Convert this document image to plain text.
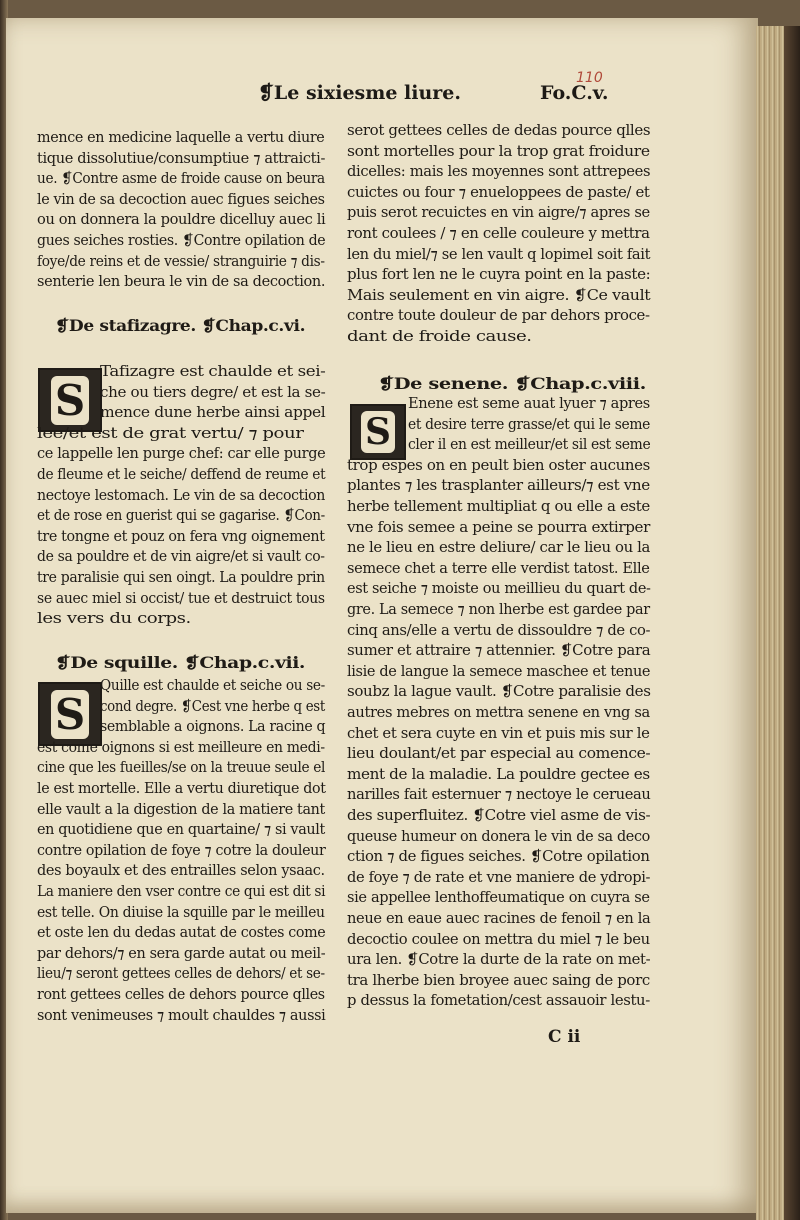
❡Le sixiesme liure.	Fo.C.v.
110
mence en medicine laquelle a vertu diure
tique dissolutiue/consumptiue ⁊ attraicti-
ue. ❡Contre asme de froide cause on beura
le vin de sa decoction auec figues seiches
ou on donnera la pouldre dicelluy auec li
gues seiches rosties. ❡Contre opilation de
foye/de reins et de vessie/ stranguirie ⁊ dis-
senterie len beura le vin de sa decoction.
❡De stafizagre. ❡Chap.c.vi.
S
Tafizagre est chaulde et sei-
che ou tiers degre/ et est la se-
mence dune herbe ainsi appel
lee/et est de grat vertu/ ⁊ pour
ce lappelle len purge chef: car elle purge
de fleume et le seiche/ deffend de reume et
nectoye lestomach. Le vin de sa decoction
et de rose en guerist qui se gagarise. ❡Con-
tre tongne et pouz on fera vng oignement
de sa pouldre et de vin aigre/et si vault co-
tre paralisie qui sen oingt. La pouldre prin
se auec miel si occist/ tue et destruict tous
les vers du corps.
❡De squille. ❡Chap.c.vii.
S
Quille est chaulde et seiche ou se-
cond degre. ❡Cest vne herbe q est
semblable a oignons. La racine q
est come oignons si est meilleure en medi-
cine que les fueilles/se on la treuue seule el
le est mortelle. Elle a vertu diuretique dot
elle vault a la digestion de la matiere tant
en quotidiene que en quartaine/ ⁊ si vault
contre opilation de foye ⁊ cotre la douleur
des boyaulx et des entrailles selon ysaac.
La maniere den vser contre ce qui est dit si
est telle. On diuise la squille par le meilleu
et oste len du dedas autat de costes come
par dehors/⁊ en sera garde autat ou meil-
lieu/⁊ seront gettees celles de dehors/ et se-
ront gettees celles de dehors pource qlles
sont venimeuses ⁊ moult chauldes ⁊ aussi
serot gettees celles de dedas pource qlles
sont mortelles pour la trop grat froidure
dicelles: mais les moyennes sont attrepees
cuictes ou four ⁊ enueloppees de paste/ et
puis serot recuictes en vin aigre/⁊ apres se
ront coulees / ⁊ en celle couleure y mettra
len du miel/⁊ se len vault q lopimel soit fait
plus fort len ne le cuyra point en la paste:
Mais seulement en vin aigre. ❡Ce vault
contre toute douleur de par dehors proce-
dant de froide cause.
❡De senene. ❡Chap.c.viii.
S
Enene est seme auat lyuer ⁊ apres
et desire terre grasse/et qui le seme
cler il en est meilleur/et sil est seme
trop espes on en peult bien oster aucunes
plantes ⁊ les trasplanter ailleurs/⁊ est vne
herbe tellement multipliat q ou elle a este
vne fois semee a peine se pourra extirper
ne le lieu en estre deliure/ car le lieu ou la
semece chet a terre elle verdist tatost. Elle
est seiche ⁊ moiste ou meillieu du quart de-
gre. La semece ⁊ non lherbe est gardee par
cinq ans/elle a vertu de dissouldre ⁊ de co-
sumer et attraire ⁊ attennier. ❡Cotre para
lisie de langue la semece maschee et tenue
soubz la lague vault. ❡Cotre paralisie des
autres mebres on mettra senene en vng sa
chet et sera cuyte en vin et puis mis sur le
lieu doulant/et par especial au comence-
ment de la maladie. La pouldre gectee es
narilles fait esternuer ⁊ nectoye le cerueau
des superfluitez. ❡Cotre viel asme de vis-
queuse humeur on donera le vin de sa deco
ction ⁊ de figues seiches. ❡Cotre opilation
de foye ⁊ de rate et vne maniere de ydropi-
sie appellee lenthoffeumatique on cuyra se
neue en eaue auec racines de fenoil ⁊ en la
decoctio coulee on mettra du miel ⁊ le beu
ura len. ❡Cotre la durte de la rate on met-
tra lherbe bien broyee auec saing de porc
p dessus la fometation/cest assauoir lestu-
C ii
